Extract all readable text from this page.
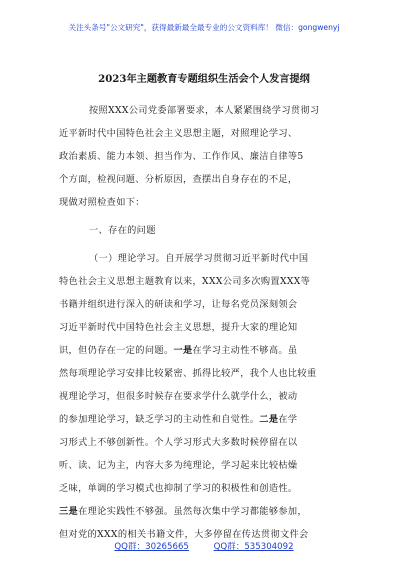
关注头条号"公文研究"，获得最新最全最专业的公文资料库！ 微信：gongwenyj
2023年主题教育专题组织生活会个人发言提纲
按照XXX公司党委部署要求，本人紧紧围绕学习贯彻习
近平新时代中国特色社会主义思想主题，对照理论学习、
政治素质、能力本领、担当作为、工作作风、廉洁自律等5
个方面，检视问题、分析原因，查摆出自身存在的不足，
现做对照检查如下：
一、存在的问题
（一）理论学习。自开展学习贯彻习近平新时代中国
特色社会主义思想主题教育以来，XXX公司多次购置XXX等
书籍并组织进行深入的研读和学习，让每名党员深刻领会
习近平新时代中国特色社会主义思想，提升大家的理论知
识，但仍存在一定的问题。一是在学习主动性不够高。虽
然每项理论学习安排比较紧密、抓得比较严，我个人也比较重
视理论学习，但很多时候存在要求学什么就学什么，被动
的参加理论学习，缺乏学习的主动性和自觉性。二是在学
习形式上不够创新性。个人学习形式大多数时候停留在以
听、读、记为主，内容大多为纯理论，学习起来比较枯燥
乏味，单调的学习模式也抑制了学习的积极性和创造性。
三是在理论实践性不够强。虽然每次集中学习都能够参加，
但对党的XXX的相关书籍文件，大多停留在传达贯彻文件会
QQ群：30265665	QQ群：535304092
